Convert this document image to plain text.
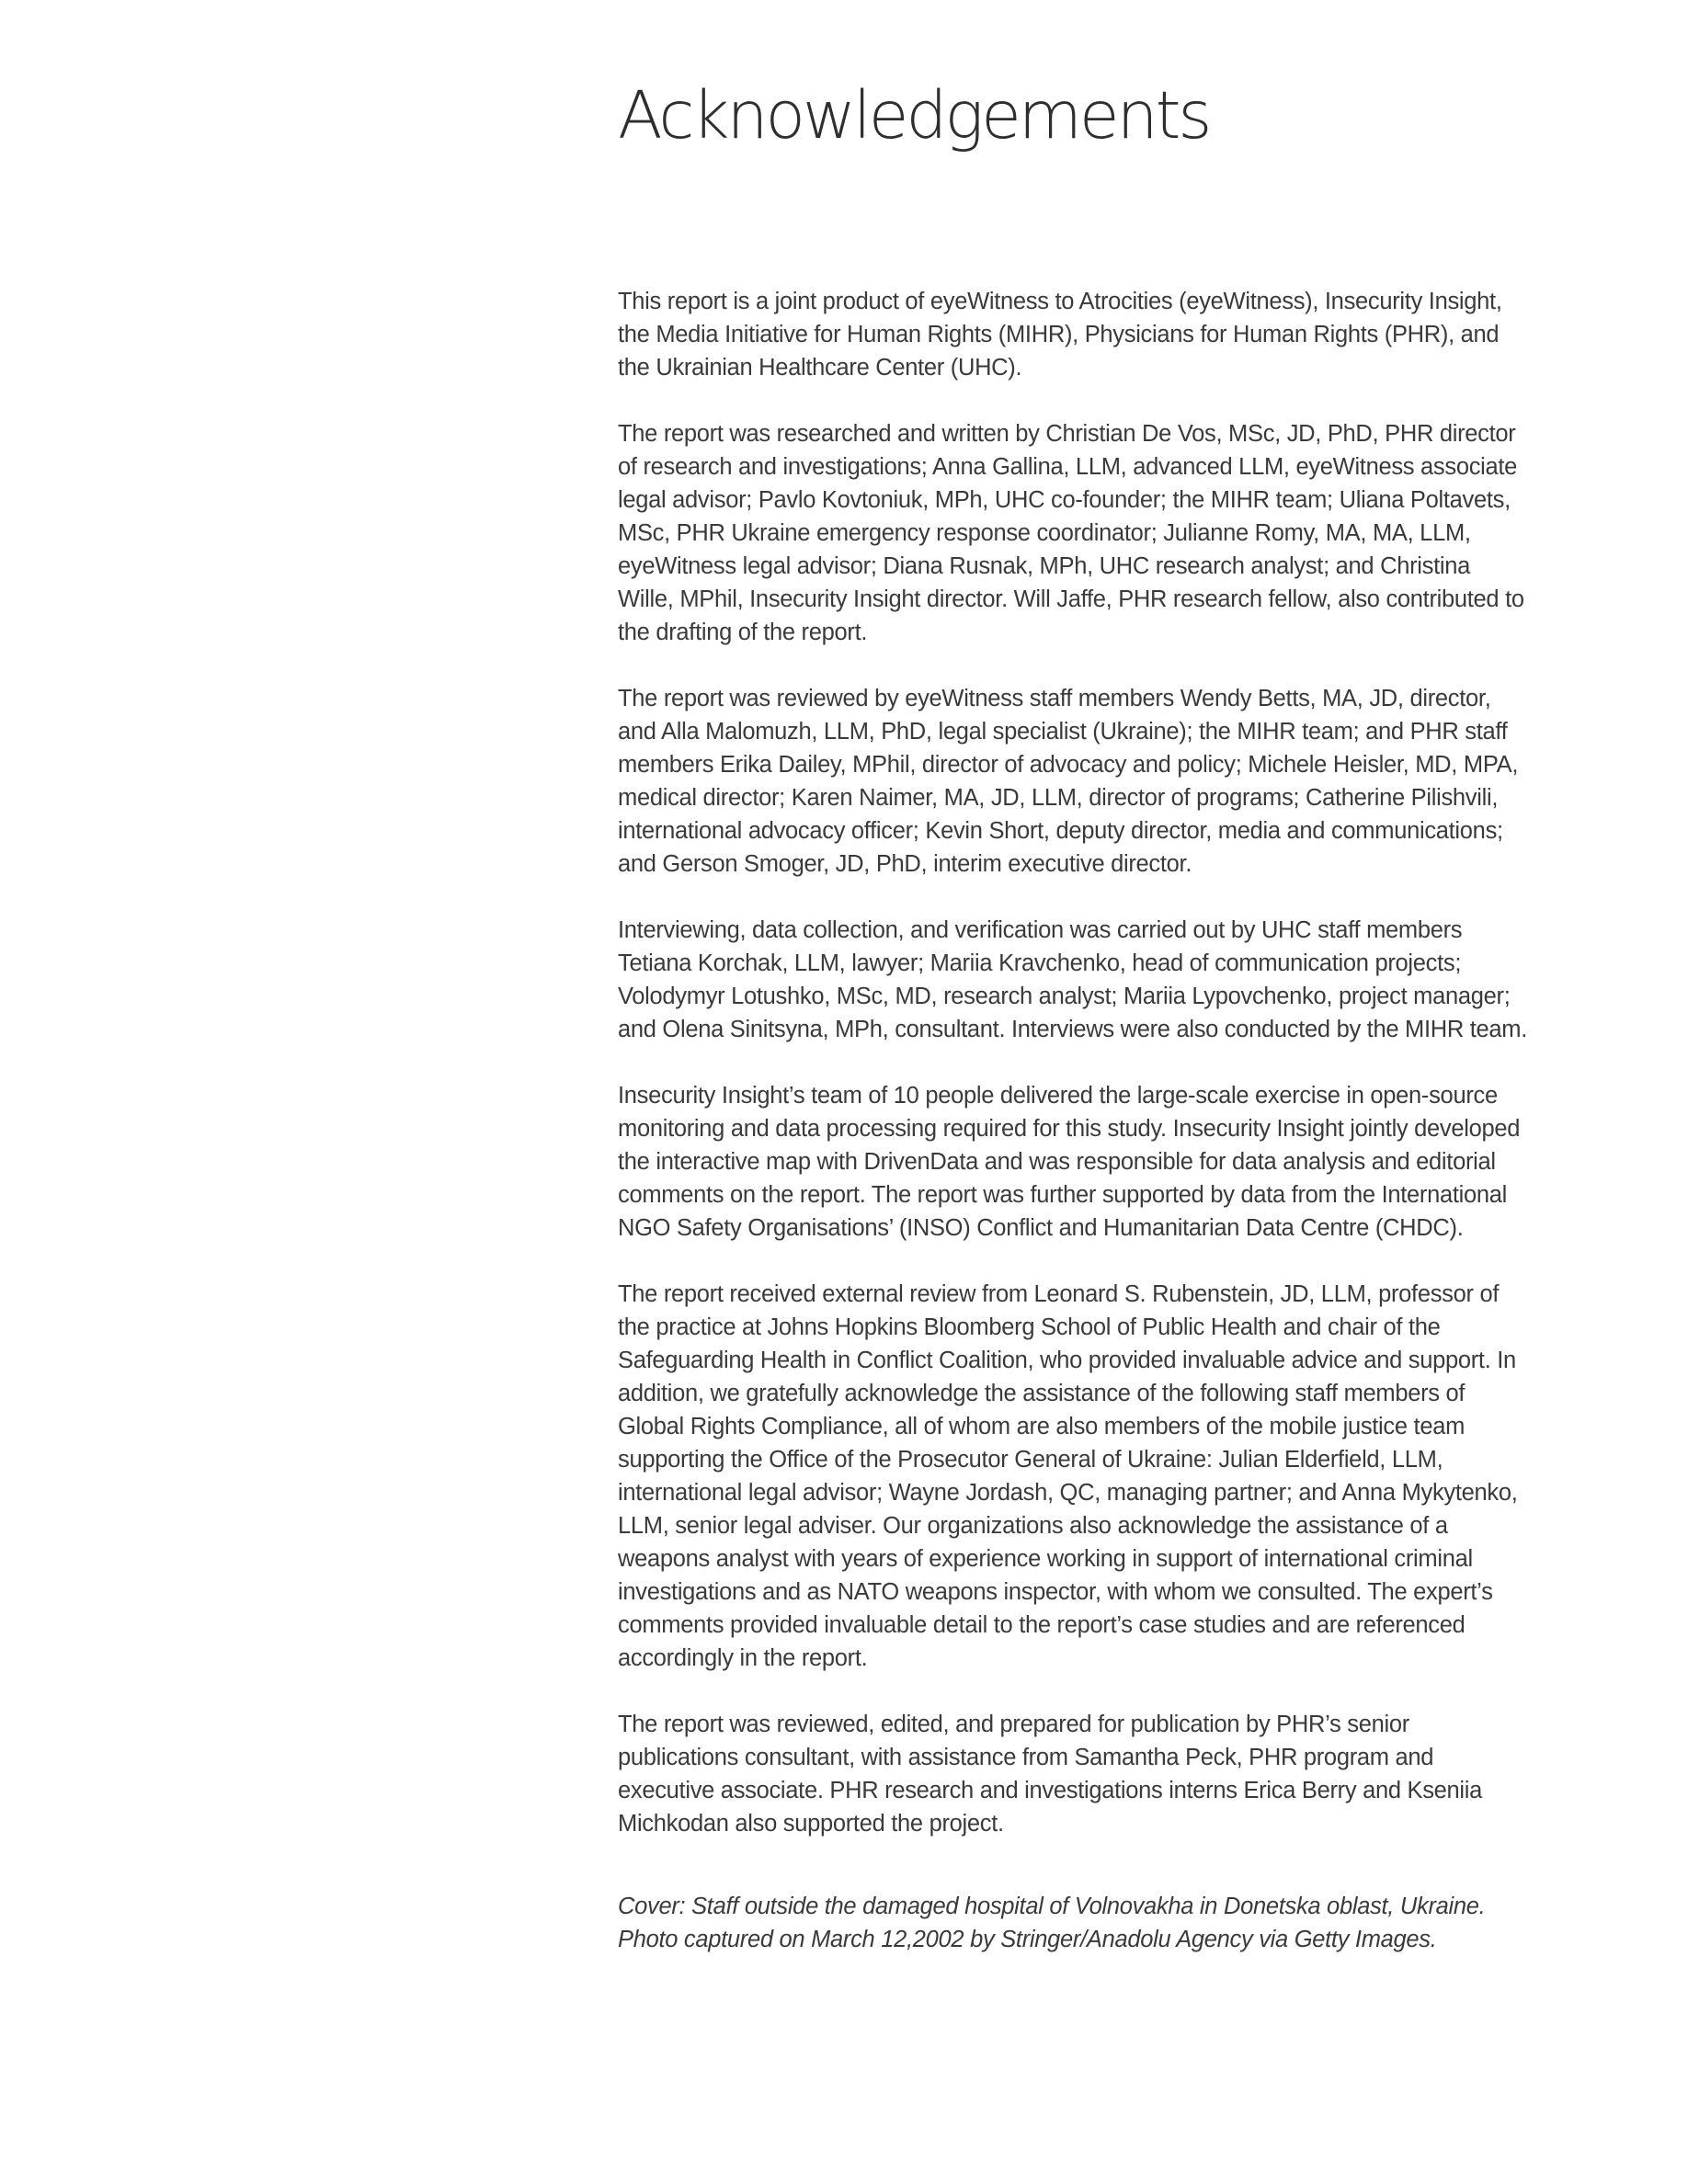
Acknowledgements

This report is a joint product of eyeWitness to Atrocities (eyeWitness), Insecurity Insight, the Media Initiative for Human Rights (MIHR), Physicians for Human Rights (PHR), and the Ukrainian Healthcare Center (UHC).

The report was researched and written by Christian De Vos, MSc, JD, PhD, PHR director of research and investigations; Anna Gallina, LLM, advanced LLM, eyeWitness associate legal advisor; Pavlo Kovtoniuk, MPh, UHC co-founder; the MIHR team; Uliana Poltavets, MSc, PHR Ukraine emergency response coordinator; Julianne Romy, MA, MA, LLM, eyeWitness legal advisor; Diana Rusnak, MPh, UHC research analyst; and Christina Wille, MPhil, Insecurity Insight director. Will Jaffe, PHR research fellow, also contributed to the drafting of the report.

The report was reviewed by eyeWitness staff members Wendy Betts, MA, JD, director, and Alla Malomuzh, LLM, PhD, legal specialist (Ukraine); the MIHR team; and PHR staff members Erika Dailey, MPhil, director of advocacy and policy; Michele Heisler, MD, MPA, medical director; Karen Naimer, MA, JD, LLM, director of programs; Catherine Pilishvili, international advocacy officer; Kevin Short, deputy director, media and communications; and Gerson Smoger, JD, PhD, interim executive director.

Interviewing, data collection, and verification was carried out by UHC staff members Tetiana Korchak, LLM, lawyer; Mariia Kravchenko, head of communication projects; Volodymyr Lotushko, MSc, MD, research analyst; Mariia Lypovchenko, project manager; and Olena Sinitsyna, MPh, consultant. Interviews were also conducted by the MIHR team.

Insecurity Insight’s team of 10 people delivered the large-scale exercise in open-source monitoring and data processing required for this study. Insecurity Insight jointly developed the interactive map with DrivenData and was responsible for data analysis and editorial comments on the report. The report was further supported by data from the International NGO Safety Organisations’ (INSO) Conflict and Humanitarian Data Centre (CHDC).

The report received external review from Leonard S. Rubenstein, JD, LLM, professor of the practice at Johns Hopkins Bloomberg School of Public Health and chair of the Safeguarding Health in Conflict Coalition, who provided invaluable advice and support. In addition, we gratefully acknowledge the assistance of the following staff members of Global Rights Compliance, all of whom are also members of the mobile justice team supporting the Office of the Prosecutor General of Ukraine: Julian Elderfield, LLM, international legal advisor; Wayne Jordash, QC, managing partner; and Anna Mykytenko, LLM, senior legal adviser. Our organizations also acknowledge the assistance of a weapons analyst with years of experience working in support of international criminal investigations and as NATO weapons inspector, with whom we consulted. The expert’s comments provided invaluable detail to the report’s case studies and are referenced accordingly in the report.

The report was reviewed, edited, and prepared for publication by PHR’s senior publications consultant, with assistance from Samantha Peck, PHR program and executive associate. PHR research and investigations interns Erica Berry and Kseniia Michkodan also supported the project.

Cover: Staff outside the damaged hospital of Volnovakha in Donetska oblast, Ukraine. Photo captured on March 12,2002 by Stringer/Anadolu Agency via Getty Images.
